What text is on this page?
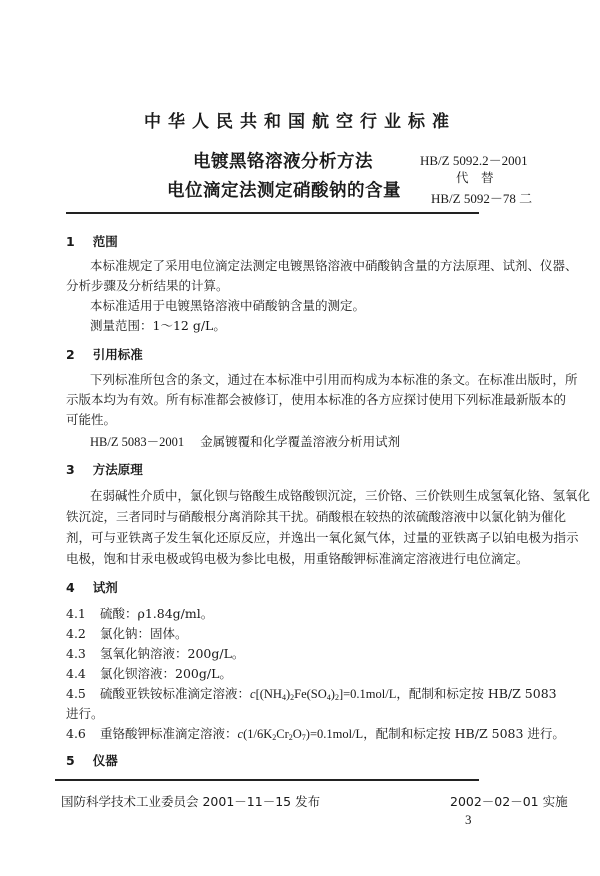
中华人民共和国航空行业标准
电镀黑铬溶液分析方法
电位滴定法测定硝酸钠的含量
HB/Z 5092.2－2001
代　替
HB/Z 5092－78 二
1 范围
本标准规定了采用电位滴定法测定电镀黑铬溶液中硝酸钠含量的方法原理、试剂、仪器、
分析步骤及分析结果的计算。
本标准适用于电镀黑铬溶液中硝酸钠含量的测定。
测量范围：1～12 g/L。
2 引用标准
下列标准所包含的条文，通过在本标准中引用而构成为本标准的条文。在标准出版时，所
示版本均为有效。所有标准都会被修订，使用本标准的各方应探讨使用下列标准最新版本的
可能性。
HB/Z 5083－2001 金属镀覆和化学覆盖溶液分析用试剂
3 方法原理
在弱碱性介质中，氯化钡与铬酸生成铬酸钡沉淀，三价铬、三价铁则生成氢氧化铬、氢氧化
铁沉淀，三者同时与硝酸根分离消除其干扰。硝酸根在较热的浓硫酸溶液中以氯化钠为催化
剂，可与亚铁离子发生氧化还原反应，并逸出一氧化氮气体，过量的亚铁离子以铂电极为指示
电极，饱和甘汞电极或钨电极为参比电极，用重铬酸钾标准滴定溶液进行电位滴定。
4 试剂
4.1 硫酸：ρ1.84g/ml。
4.2 氯化钠：固体。
4.3 氢氧化钠溶液：200g/L。
4.4 氯化钡溶液：200g/L。
4.5 硫酸亚铁铵标准滴定溶液：$c[(NH_4)_2Fe(SO_4)_2]=0.1mol/L$，配制和标定按 HB/Z 5083
进行。
4.6 重铬酸钾标准滴定溶液：$c(1/6K_2Cr_2O_7)=0.1mol/L$，配制和标定按 HB/Z 5083 进行。
5 仪器
国防科学技术工业委员会 2001－11－15 发布	2002－02－01 实施
3
